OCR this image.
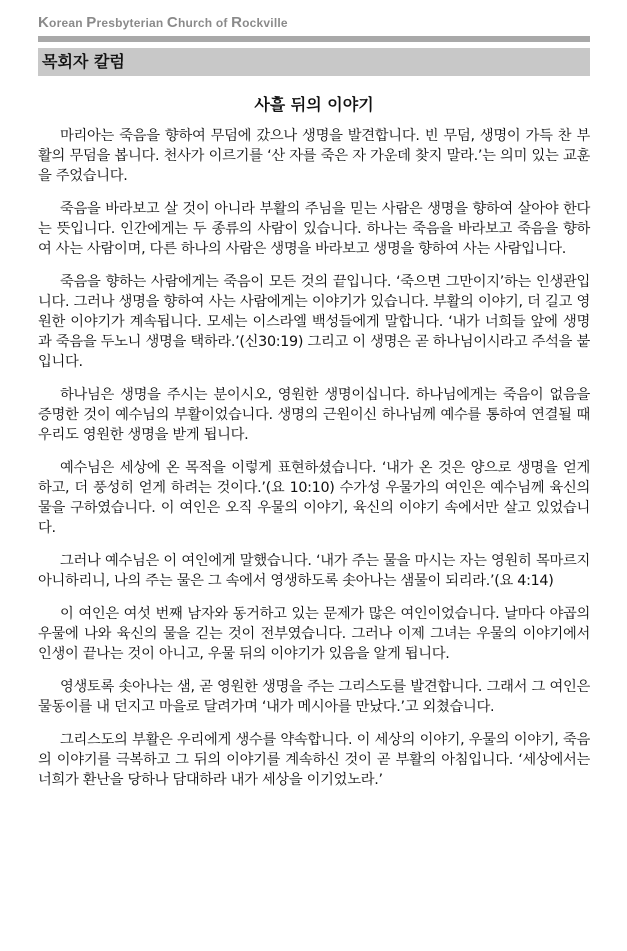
Korean Presbyterian Church of Rockville
목회자 칼럼
사흘 뒤의 이야기

마리아는 죽음을 향하여 무덤에 갔으나 생명을 발견합니다. 빈 무덤, 생명이 가득 찬 부활의 무덤을 봅니다. 천사가 이르기를 ‘산 자를 죽은 자 가운데 찾지 말라.’는 의미 있는 교훈을 주었습니다.

죽음을 바라보고 살 것이 아니라 부활의 주님을 믿는 사람은 생명을 향하여 살아야 한다는 뜻입니다. 인간에게는 두 종류의 사람이 있습니다. 하나는 죽음을 바라보고 죽음을 향하여 사는 사람이며, 다른 하나의 사람은 생명을 바라보고 생명을 향하여 사는 사람입니다.

죽음을 향하는 사람에게는 죽음이 모든 것의 끝입니다. ‘죽으면 그만이지’하는 인생관입니다. 그러나 생명을 향하여 사는 사람에게는 이야기가 있습니다. 부활의 이야기, 더 길고 영원한 이야기가 계속됩니다. 모세는 이스라엘 백성들에게 말합니다. ‘내가 너희들 앞에 생명과 죽음을 두노니 생명을 택하라.’(신30:19) 그리고 이 생명은 곧 하나님이시라고 주석을 붙입니다.

하나님은 생명을 주시는 분이시오, 영원한 생명이십니다. 하나님에게는 죽음이 없음을 증명한 것이 예수님의 부활이었습니다. 생명의 근원이신 하나님께 예수를 통하여 연결될 때 우리도 영원한 생명을 받게 됩니다.

예수님은 세상에 온 목적을 이렇게 표현하셨습니다. ‘내가 온 것은 양으로 생명을 얻게 하고, 더 풍성히 얻게 하려는 것이다.’(요 10:10) 수가성 우물가의 여인은 예수님께 육신의 물을 구하였습니다. 이 여인은 오직 우물의 이야기, 육신의 이야기 속에서만 살고 있었습니다.

그러나 예수님은 이 여인에게 말했습니다. ‘내가 주는 물을 마시는 자는 영원히 목마르지 아니하리니, 나의 주는 물은 그 속에서 영생하도록 솟아나는 샘물이 되리라.’(요 4:14)

이 여인은 여섯 번째 남자와 동거하고 있는 문제가 많은 여인이었습니다. 날마다 야곱의 우물에 나와 육신의 물을 긷는 것이 전부였습니다. 그러나 이제 그녀는 우물의 이야기에서 인생이 끝나는 것이 아니고, 우물 뒤의 이야기가 있음을 알게 됩니다.

영생토록 솟아나는 샘, 곧 영원한 생명을 주는 그리스도를 발견합니다. 그래서 그 여인은 물동이를 내 던지고 마을로 달려가며 ‘내가 메시아를 만났다.’고 외쳤습니다.

그리스도의 부활은 우리에게 생수를 약속합니다. 이 세상의 이야기, 우물의 이야기, 죽음의 이야기를 극복하고 그 뒤의 이야기를 계속하신 것이 곧 부활의 아침입니다. ‘세상에서는 너희가 환난을 당하나 담대하라 내가 세상을 이기었노라.’
